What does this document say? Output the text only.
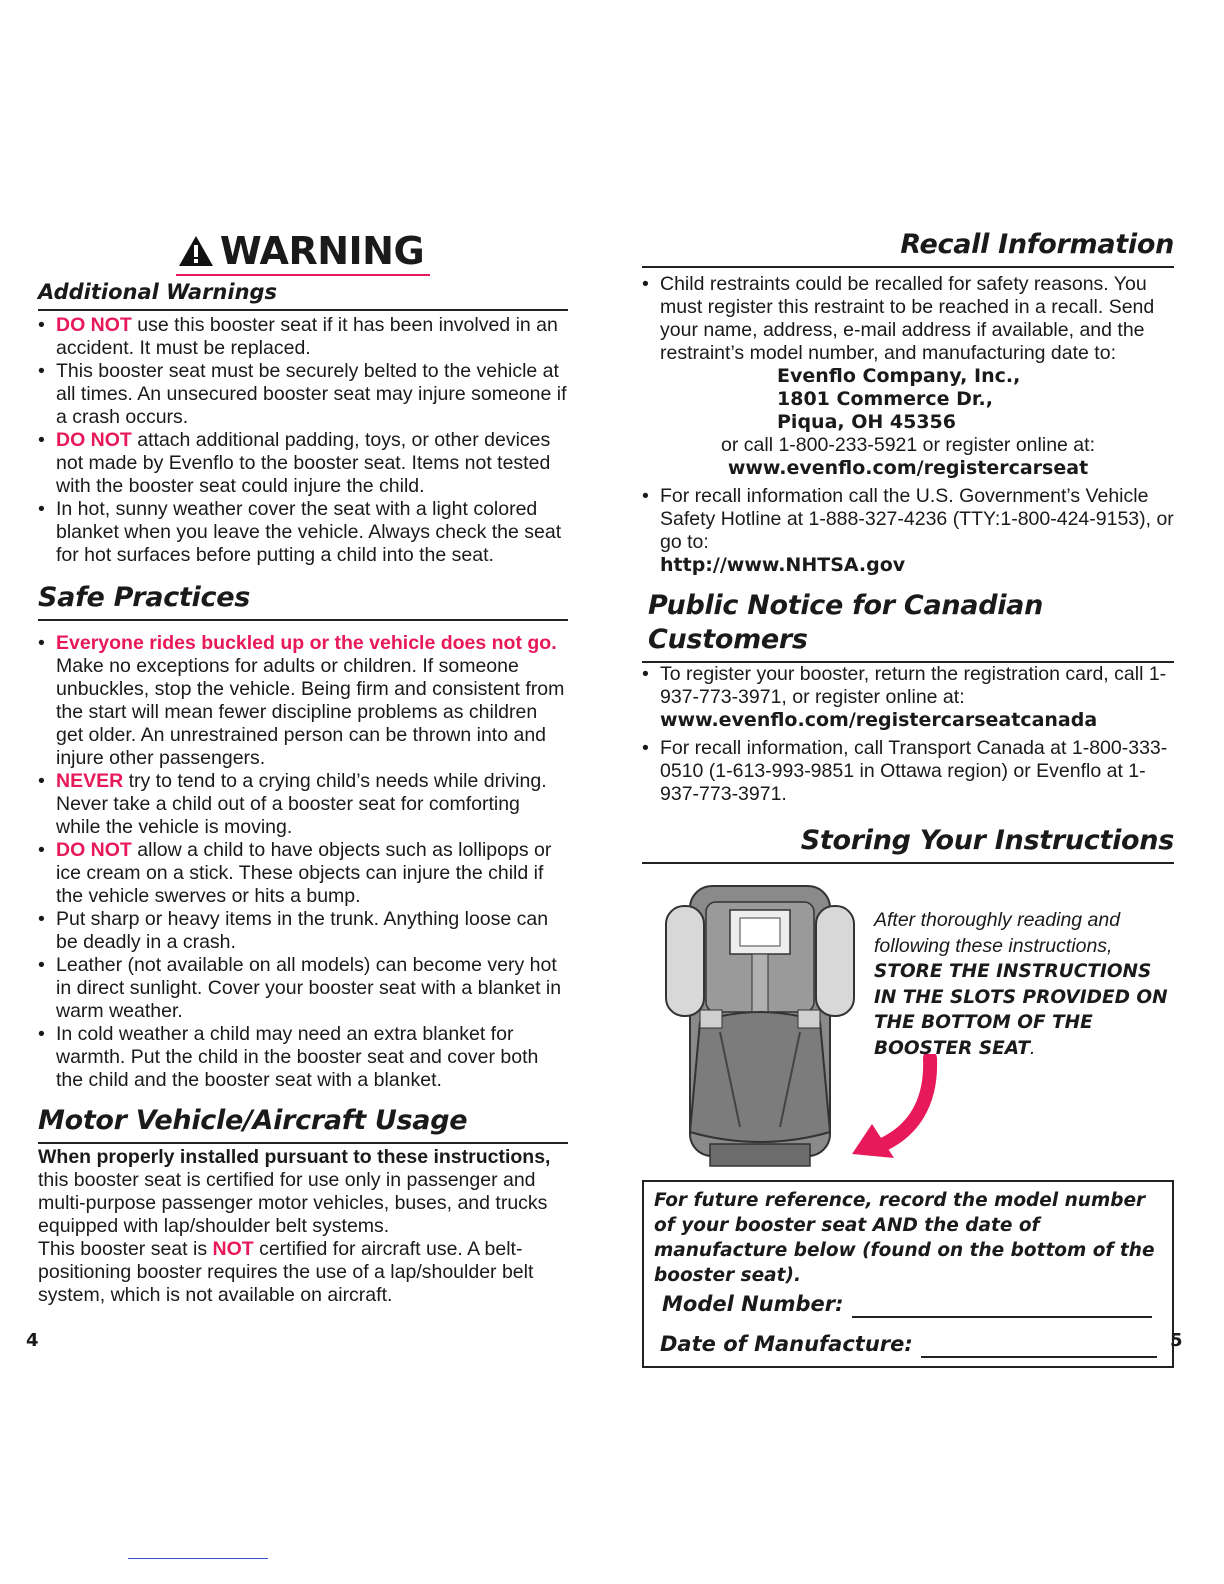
WARNING
Additional Warnings
• DO NOT use this booster seat if it has been involved in an accident. It must be replaced.
• This booster seat must be securely belted to the vehicle at all times. An unsecured booster seat may injure someone if a crash occurs.
• DO NOT attach additional padding, toys, or other devices not made by Evenflo to the booster seat. Items not tested with the booster seat could injure the child.
• In hot, sunny weather cover the seat with a light colored blanket when you leave the vehicle. Always check the seat for hot surfaces before putting a child into the seat.
Safe Practices
• Everyone rides buckled up or the vehicle does not go. Make no exceptions for adults or children. If someone unbuckles, stop the vehicle. Being firm and consistent from the start will mean fewer discipline problems as children get older. An unrestrained person can be thrown into and injure other passengers.
• NEVER try to tend to a crying child’s needs while driving. Never take a child out of a booster seat for comforting while the vehicle is moving.
• DO NOT allow a child to have objects such as lollipops or ice cream on a stick. These objects can injure the child if the vehicle swerves or hits a bump.
• Put sharp or heavy items in the trunk. Anything loose can be deadly in a crash.
• Leather (not available on all models) can become very hot in direct sunlight. Cover your booster seat with a blanket in warm weather.
• In cold weather a child may need an extra blanket for warmth. Put the child in the booster seat and cover both the child and the booster seat with a blanket.
Motor Vehicle/Aircraft Usage

When properly installed pursuant to these instructions, this booster seat is certified for use only in passenger and multi-purpose passenger motor vehicles, buses, and trucks equipped with lap/shoulder belt systems.

This booster seat is NOT certified for aircraft use. A belt-positioning booster requires the use of a lap/shoulder belt system, which is not available on aircraft.

Recall Information
• Child restraints could be recalled for safety reasons. You must register this restraint to be reached in a recall. Send your name, address, e-mail address if available, and the restraint’s model number, and manufacturing date to:
Evenflo Company, Inc.,
1801 Commerce Dr.,
Piqua, OH 45356
or call 1-800-233-5921 or register online at:
www.evenflo.com/registercarseat
• For recall information call the U.S. Government’s Vehicle Safety Hotline at 1-888-327-4236 (TTY:1-800-424-9153), or go to:
http://www.NHTSA.gov
Public Notice for Canadian Customers
• To register your booster, return the registration card, call 1-937-773-3971, or register online at:
www.evenflo.com/registercarseatcanada
• For recall information, call Transport Canada at 1-800-333-0510 (1-613-993-9851 in Ottawa region) or Evenflo at 1-937-773-3971.
Storing Your Instructions
After thoroughly reading and following these instructions, STORE THE INSTRUCTIONS IN THE SLOTS PROVIDED ON THE BOTTOM OF THE BOOSTER SEAT.

For future reference, record the model number of your booster seat AND the date of manufacture below (found on the bottom of the booster seat).

Model Number:
Date of Manufacture:
4	5
